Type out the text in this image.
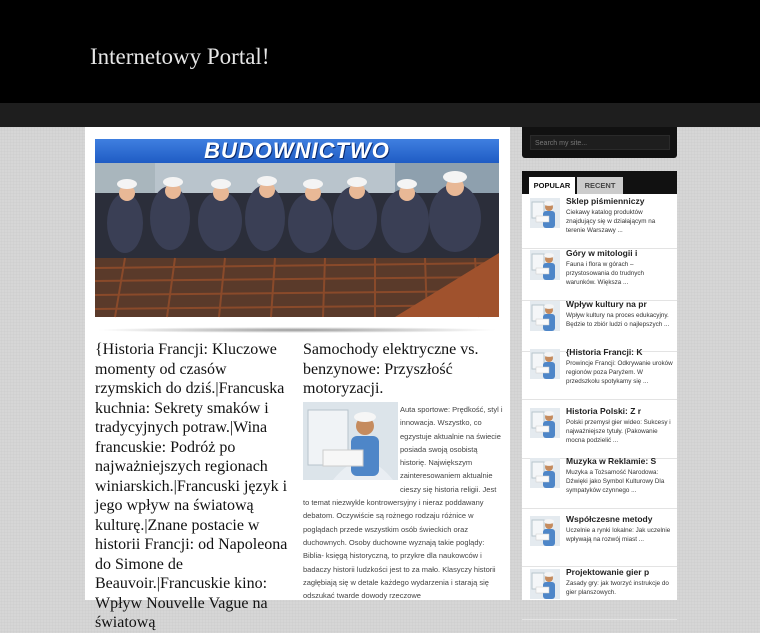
Internetowy Portal!
BUDOWNICTWO
{Historia Francji: Kluczowe momenty od czasów rzymskich do dziś.|Francuska kuchnia: Sekrety smaków i tradycyjnych potraw.|Wina francuskie: Podróż po najważniejszych regionach winiarskich.|Francuski język i jego wpływ na światową kulturę.|Znane postacie w historii Francji: od Napoleona do Simone de Beauvoir.|Francuskie kino: Wpływ Nouvelle Vague na światową
Samochody elektryczne vs. benzynowe: Przyszłość motoryzacji.
Auta sportowe: Prędkość, styl i innowacja. Wszystko, co egzystuje aktualnie na świecie posiada swoją osobistą historię. Największym zainteresowaniem aktualnie cieszy się historia religii. Jest to temat niezwykle kontrowersyjny i nieraz poddawany debatom. Oczywiście są rożnego rodzaju różnice w poglądach przede wszystkim osób świeckich oraz duchownych. Osoby duchowne wyznają takie poglądy: Biblia- księgą historyczną, to przykre dla naukowców i badaczy historii ludzkości jest to za mało. Klasyczy historii zagłębiają się w detale każdego wydarzenia i starają się odszukać twarde dowody rzeczowe
Search my site...
POPULAR	RECENT
Sklep piśmienniczy
Ciekawy katalog produktów znajdujący się w działającym na terenie Warszawy ...
Góry w mitologii i
Fauna i flora w górach – przystosowania do trudnych warunków. Większa ...
Wpływ kultury na pr
Wpływ kultury na proces edukacyjny. Będzie to zbiór ludzi o najlepszych ...
{Historia Francji: K
Prowincje Francji: Odkrywanie uroków regionów poza Paryżem. W przedszkolu spotykamy się ...
Historia Polski: Z r
Polski przemysł gier wideo: Sukcesy i najważniejsze tytuły. (Pakowanie mocna podzielić ...
Muzyka w Reklamie: S
Muzyka a Tożsamość Narodowa: Dźwięki jako Symbol Kulturowy Dla sympatyków czynnego ...
Współczesne metody
Uczelnie a rynki lokalne: Jak uczelnie wpływają na rozwój miast ...
Projektowanie gier p
Zasady gry: jak tworzyć instrukcje do gier planszowych.
